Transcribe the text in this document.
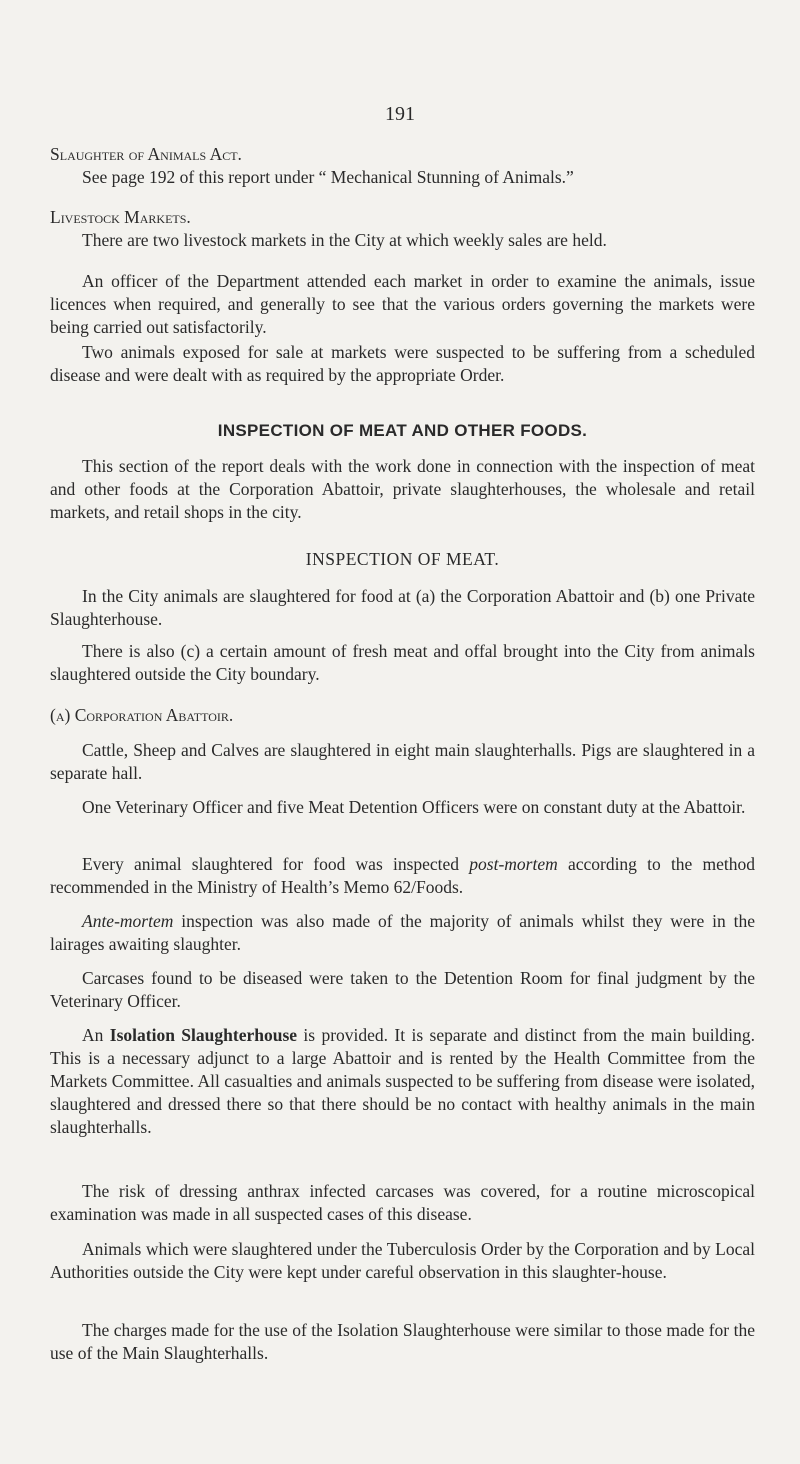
191

Slaughter of Animals Act.

See page 192 of this report under “ Mechanical Stunning of Animals.”

Livestock Markets.

There are two livestock markets in the City at which weekly sales are held.

An officer of the Department attended each market in order to examine the animals, issue licences when required, and generally to see that the various orders governing the markets were being carried out satisfactorily.

Two animals exposed for sale at markets were suspected to be suffering from a scheduled disease and were dealt with as required by the appropriate Order.

INSPECTION OF MEAT AND OTHER FOODS.

This section of the report deals with the work done in connection with the inspection of meat and other foods at the Corporation Abattoir, private slaughterhouses, the wholesale and retail markets, and retail shops in the city.

INSPECTION OF MEAT.

In the City animals are slaughtered for food at (a) the Corporation Abattoir and (b) one Private Slaughterhouse.

There is also (c) a certain amount of fresh meat and offal brought into the City from animals slaughtered outside the City boundary.

(a) Corporation Abattoir.

Cattle, Sheep and Calves are slaughtered in eight main slaughterhalls. Pigs are slaughtered in a separate hall.

One Veterinary Officer and five Meat Detention Officers were on constant duty at the Abattoir.

Every animal slaughtered for food was inspected post-mortem according to the method recommended in the Ministry of Health’s Memo 62/Foods.

Ante-mortem inspection was also made of the majority of animals whilst they were in the lairages awaiting slaughter.

Carcases found to be diseased were taken to the Detention Room for final judgment by the Veterinary Officer.

An Isolation Slaughterhouse is provided. It is separate and distinct from the main building. This is a necessary adjunct to a large Abattoir and is rented by the Health Committee from the Markets Committee. All casualties and animals suspected to be suffering from disease were isolated, slaughtered and dressed there so that there should be no contact with healthy animals in the main slaughterhalls.

The risk of dressing anthrax infected carcases was covered, for a routine microscopical examination was made in all suspected cases of this disease.

Animals which were slaughtered under the Tuberculosis Order by the Corporation and by Local Authorities outside the City were kept under careful observation in this slaughter-house.

The charges made for the use of the Isolation Slaughterhouse were similar to those made for the use of the Main Slaughterhalls.
